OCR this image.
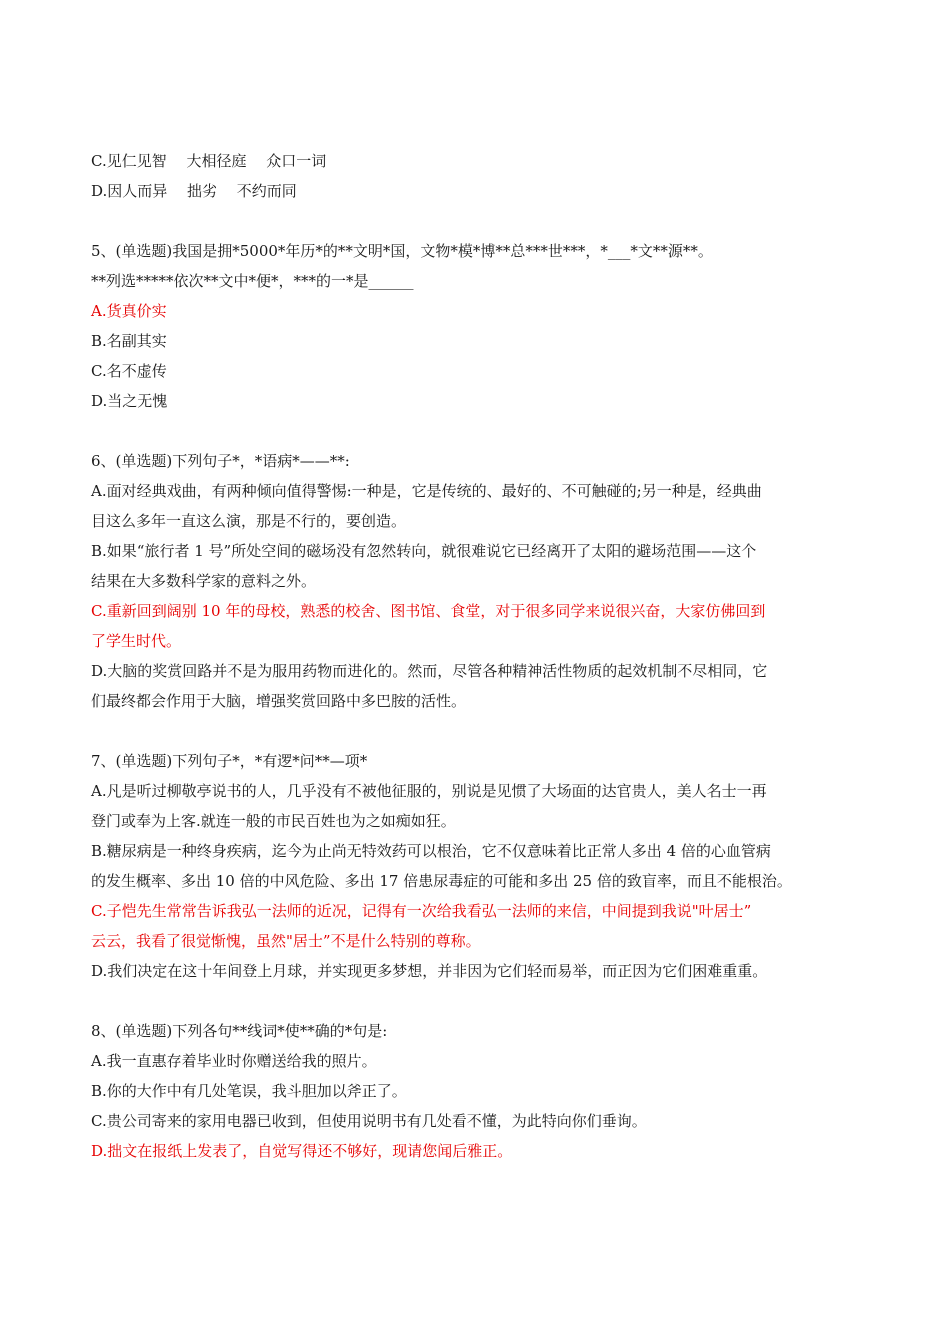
C.见仁见智　 大相径庭　 众口一词
D.因人而异　 拙劣　 不约而同
5、(单选题)我国是拥*5000*年历*的**文明*国，文物*模*博**总***世***，*___*文**源**。
**列选*****依次**文中*便*，***的一*是______
A.货真价实
B.名副其实
C.名不虚传
D.当之无愧
6、(单选题)下列句子*，*语病*——**:
A.面对经典戏曲，有两种倾向值得警惕:一种是，它是传统的、最好的、不可触碰的;另一种是，经典曲
目这么多年一直这么演，那是不行的，要创造。
B.如果“旅行者 1 号”所处空间的磁场没有忽然转向，就很难说它已经离开了太阳的避场范围——这个
结果在大多数科学家的意料之外。
C.重新回到阔别 10 年的母校，熟悉的校舍、图书馆、食堂，对于很多同学来说很兴奋，大家仿佛回到
了学生时代。
D.大脑的奖赏回路并不是为服用药物而进化的。然而，尽管各种精神活性物质的起效机制不尽相同，它
们最终都会作用于大脑，增强奖赏回路中多巴胺的活性。
7、(单选题)下列句子*，*有逻*问**—项*
A.凡是听过柳敬亭说书的人，几乎没有不被他征服的，别说是见惯了大场面的达官贵人，美人名士一再
登门或奉为上客.就连一般的市民百姓也为之如痴如狂。
B.糖尿病是一种终身疾病，迄今为止尚无特效药可以根治，它不仅意味着比正常人多出 4 倍的心血管病
的发生概率、多出 10 倍的中风危险、多出 17 倍患尿毒症的可能和多出 25 倍的致盲率，而且不能根治。
C.子恺先生常常告诉我弘一法师的近况，记得有一次给我看弘一法师的来信，中间提到我说"叶居士”
云云，我看了很觉惭愧，虽然"居士”不是什么特别的尊称。
D.我们决定在这十年间登上月球，并实现更多梦想，并非因为它们轻而易举，而正因为它们困难重重。
8、(单选题)下列各句**线词*使**确的*句是:
A.我一直惠存着毕业时你赠送给我的照片。
B.你的大作中有几处笔误，我斗胆加以斧正了。
C.贵公司寄来的家用电器已收到，但使用说明书有几处看不懂，为此特向你们垂询。
D.拙文在报纸上发表了，自觉写得还不够好，现请您闻后雅正。
